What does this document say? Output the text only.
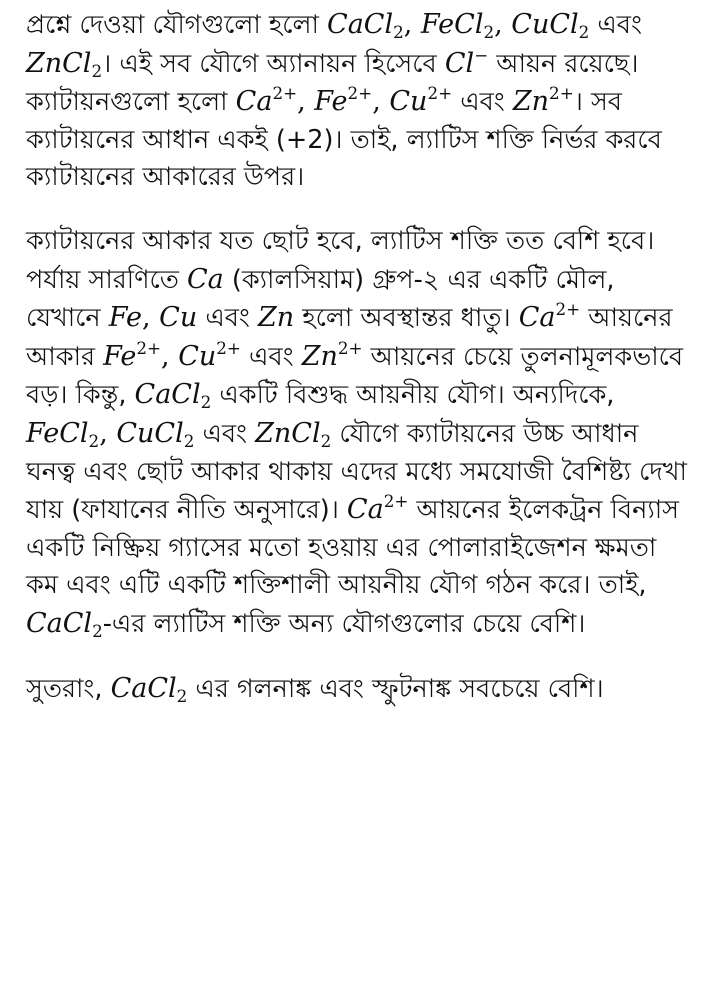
প্রশ্নে দেওয়া যৌগগুলো হলো CaCl$_2$, FeCl$_2$, CuCl$_2$ এবং ZnCl$_2$। এই সব যৌগে অ্যানায়ন হিসেবে Cl− আয়ন রয়েছে। ক্যাটায়নগুলো হলো $Ca^{2+}$, $Fe^{2+}$, $Cu^{2+}$ এবং $Zn^{2+}।$ সব ক্যাটায়নের আধান একই (+2)। তাই, ল্যাটিস শক্তি নির্ভর করবে ক্যাটায়নের আকারের উপর।

ক্যাটায়নের আকার যত ছোট হবে, ল্যাটিস শক্তি তত বেশি হবে। পর্যায় সারণিতে Ca (ক্যালসিয়াম) গ্রুপ-২ এর একটি মৌল, যেখানে Fe, Cu এবং Zn হলো অবস্থান্তর ধাতু। $Ca^{2+}$ আয়নের আকার $Fe^{2+}$, $Cu^{2+}$ এবং $Zn^{2+}$ আয়নের চেয়ে তুলনামূলকভাবে বড়। কিন্তু, CaCl$_2$ একটি বিশুদ্ধ আয়নীয় যৌগ। অন্যদিকে, FeCl$_2$, CuCl$_2$ এবং ZnCl$_2$ যৌগে ক্যাটায়নের উচ্চ আধান ঘনত্ব এবং ছোট আকার থাকায় এদের মধ্যে সমযোজী বৈশিষ্ট্য দেখা যায় (ফাযানের নীতি অনুসারে)। $Ca^{2+}$ আয়নের ইলেকট্রন বিন্যাস একটি নিষ্ক্রিয় গ্যাসের মতো হওয়ায় এর পোলারাইজেশন ক্ষমতা কম এবং এটি একটি শক্তিশালী আয়নীয় যৌগ গঠন করে। তাই, CaCl$_2$-এর ল্যাটিস শক্তি অন্য যৌগগুলোর চেয়ে বেশি।

সুতরাং, CaCl$_2$ এর গলনাঙ্ক এবং স্ফুটনাঙ্ক সবচেয়ে বেশি।
